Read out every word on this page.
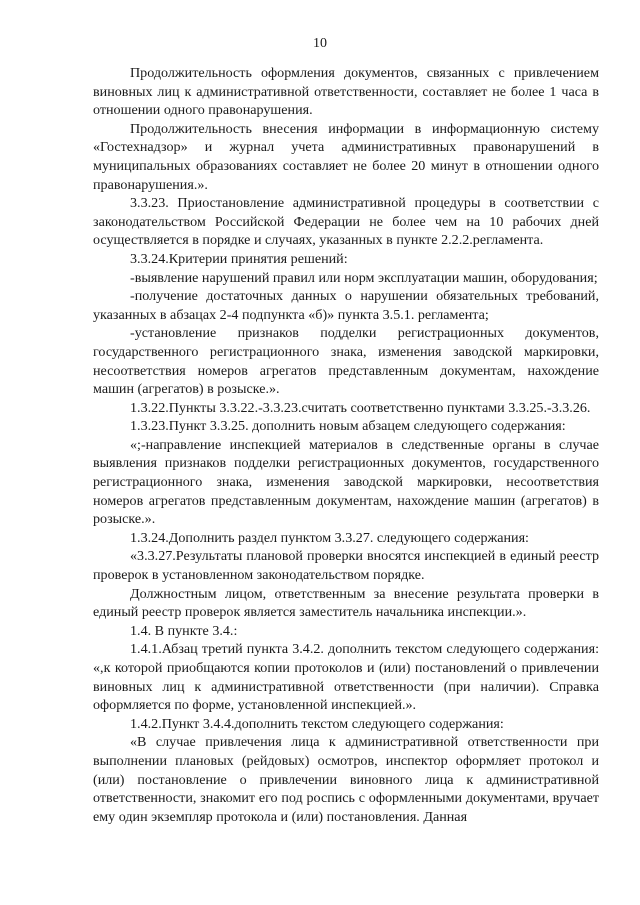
10

Продолжительность оформления документов, связанных с привлечением виновных лиц к административной ответственности, составляет не более 1 часа в отношении одного правонарушения.

Продолжительность внесения информации в информационную систему «Гостехнадзор» и журнал учета административных правонарушений в муниципальных образованиях составляет не более 20 минут в отношении одного правонарушения.».

3.3.23. Приостановление административной процедуры в соответствии с законодательством Российской Федерации не более чем на 10 рабочих дней осуществляется в порядке и случаях, указанных в пункте 2.2.2.регламента.

3.3.24.Критерии принятия решений:

-выявление нарушений правил или норм эксплуатации машин, оборудования;

-получение достаточных данных о нарушении обязательных требований, указанных в абзацах 2-4 подпункта «б)» пункта 3.5.1. регламента;

-установление признаков подделки регистрационных документов, государственного регистрационного знака, изменения заводской маркировки, несоответствия номеров агрегатов представленным документам, нахождение машин (агрегатов) в розыске.».

1.3.22.Пункты 3.3.22.-3.3.23.считать соответственно пунктами 3.3.25.-3.3.26.

1.3.23.Пункт 3.3.25. дополнить новым абзацем следующего содержания:

«;-направление инспекцией материалов в следственные органы в случае выявления признаков подделки регистрационных документов, государственного регистрационного знака, изменения заводской маркировки, несоответствия номеров агрегатов представленным документам, нахождение машин (агрегатов) в розыске.».

1.3.24.Дополнить раздел пунктом 3.3.27. следующего содержания:

«3.3.27.Результаты плановой проверки вносятся инспекцией в единый реестр проверок в установленном законодательством порядке.

Должностным лицом, ответственным за внесение результата проверки в единый реестр проверок является заместитель начальника инспекции.».

1.4. В пункте 3.4.:

1.4.1.Абзац третий пункта 3.4.2. дополнить текстом следующего содержания: «,к которой приобщаются копии протоколов и (или) постановлений о привлечении виновных лиц к административной ответственности (при наличии). Справка оформляется по форме, установленной инспекцией.».

1.4.2.Пункт 3.4.4.дополнить текстом следующего содержания:

«В случае привлечения лица к административной ответственности при выполнении плановых (рейдовых) осмотров, инспектор оформляет протокол и (или) постановление о привлечении виновного лица к административной ответственности, знакомит его под роспись с оформленными документами, вручает ему один экземпляр протокола и (или) постановления. Данная
